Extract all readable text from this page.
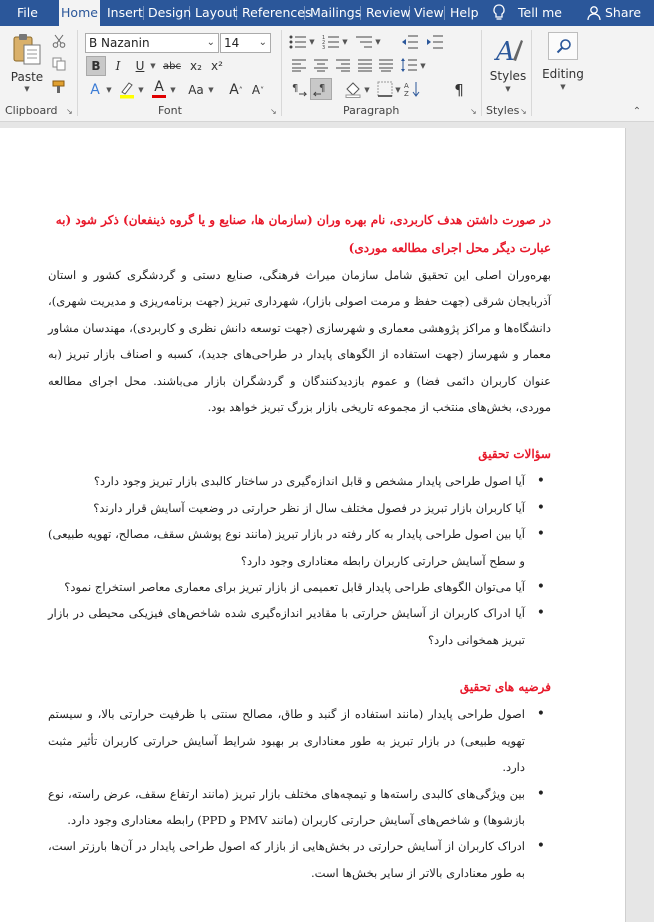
File Home Insert Design Layout References
Mailings Review View Help	Tell me	Share
Paste
▼
Clipboard ↘
B Nazanin	⌄ 14 ⌄
B	I	U ▼ abc x₂ x²
A ▼	▼ A ▼ Aa ▼ A ˄ A ˅
Font	↘
▼	1
2
3
▼	▼
▼
¶ ¶	▼	▼ A
Z	¶
Paragraph	↘
A
Styles
▼
Styles ↘
Editing
▼
⌃
در صورت داشتن هدف کاربردی، نام بهره وران (سازمان ها، صنایع و یا گروه ذینفعان) ذکر شود (به عبارت دیگر محل اجرای مطالعه موردی)
بهره‌وران اصلی این تحقیق شامل سازمان میراث فرهنگی، صنایع دستی و گردشگری کشور و استان آذربایجان شرقی (جهت حفظ و مرمت اصولی بازار)، شهرداری تبریز (جهت برنامه‌ریزی و مدیریت شهری)، دانشگاه‌ها و مراکز پژوهشی معماری و شهرسازی (جهت توسعه دانش نظری و کاربردی)، مهندسان مشاور معمار و شهرساز (جهت استفاده از الگوهای پایدار در طراحی‌های جدید)، کسبه و اصناف بازار تبریز (به عنوان کاربران دائمی فضا) و عموم بازدیدکنندگان و گردشگران بازار می‌باشند. محل اجرای مطالعه موردی، بخش‌های منتخب از مجموعه تاریخی بازار بزرگ تبریز خواهد بود.
سؤالات تحقیق
• آیا اصول طراحی پایدار مشخص و قابل اندازه‌گیری در ساختار کالبدی بازار تبریز وجود دارد؟
• آیا کاربران بازار تبریز در فصول مختلف سال از نظر حرارتی در وضعیت آسایش قرار دارند؟
• آیا بین اصول طراحی پایدار به کار رفته در بازار تبریز (مانند نوع پوشش سقف، مصالح، تهویه طبیعی) و سطح آسایش حرارتی کاربران رابطه معناداری وجود دارد؟
• آیا می‌توان الگوهای طراحی پایدار قابل تعمیمی از بازار تبریز برای معماری معاصر استخراج نمود؟
• آیا ادراک کاربران از آسایش حرارتی با مقادیر اندازه‌گیری شده شاخص‌های فیزیکی محیطی در بازار تبریز همخوانی دارد؟
فرضیه های تحقیق
• اصول طراحی پایدار (مانند استفاده از گنبد و طاق، مصالح سنتی با ظرفیت حرارتی بالا، و سیستم تهویه طبیعی) در بازار تبریز به طور معناداری بر بهبود شرایط آسایش حرارتی کاربران تأثیر مثبت دارد.
• بین ویژگی‌های کالبدی راسته‌ها و تیمچه‌های مختلف بازار تبریز (مانند ارتفاع سقف، عرض راسته، نوع بازشوها) و شاخص‌های آسایش حرارتی کاربران (مانند PMV و PPD) رابطه معناداری وجود دارد.
• ادراک کاربران از آسایش حرارتی در بخش‌هایی از بازار که اصول طراحی پایدار در آن‌ها بارزتر است، به طور معناداری بالاتر از سایر بخش‌ها است.
